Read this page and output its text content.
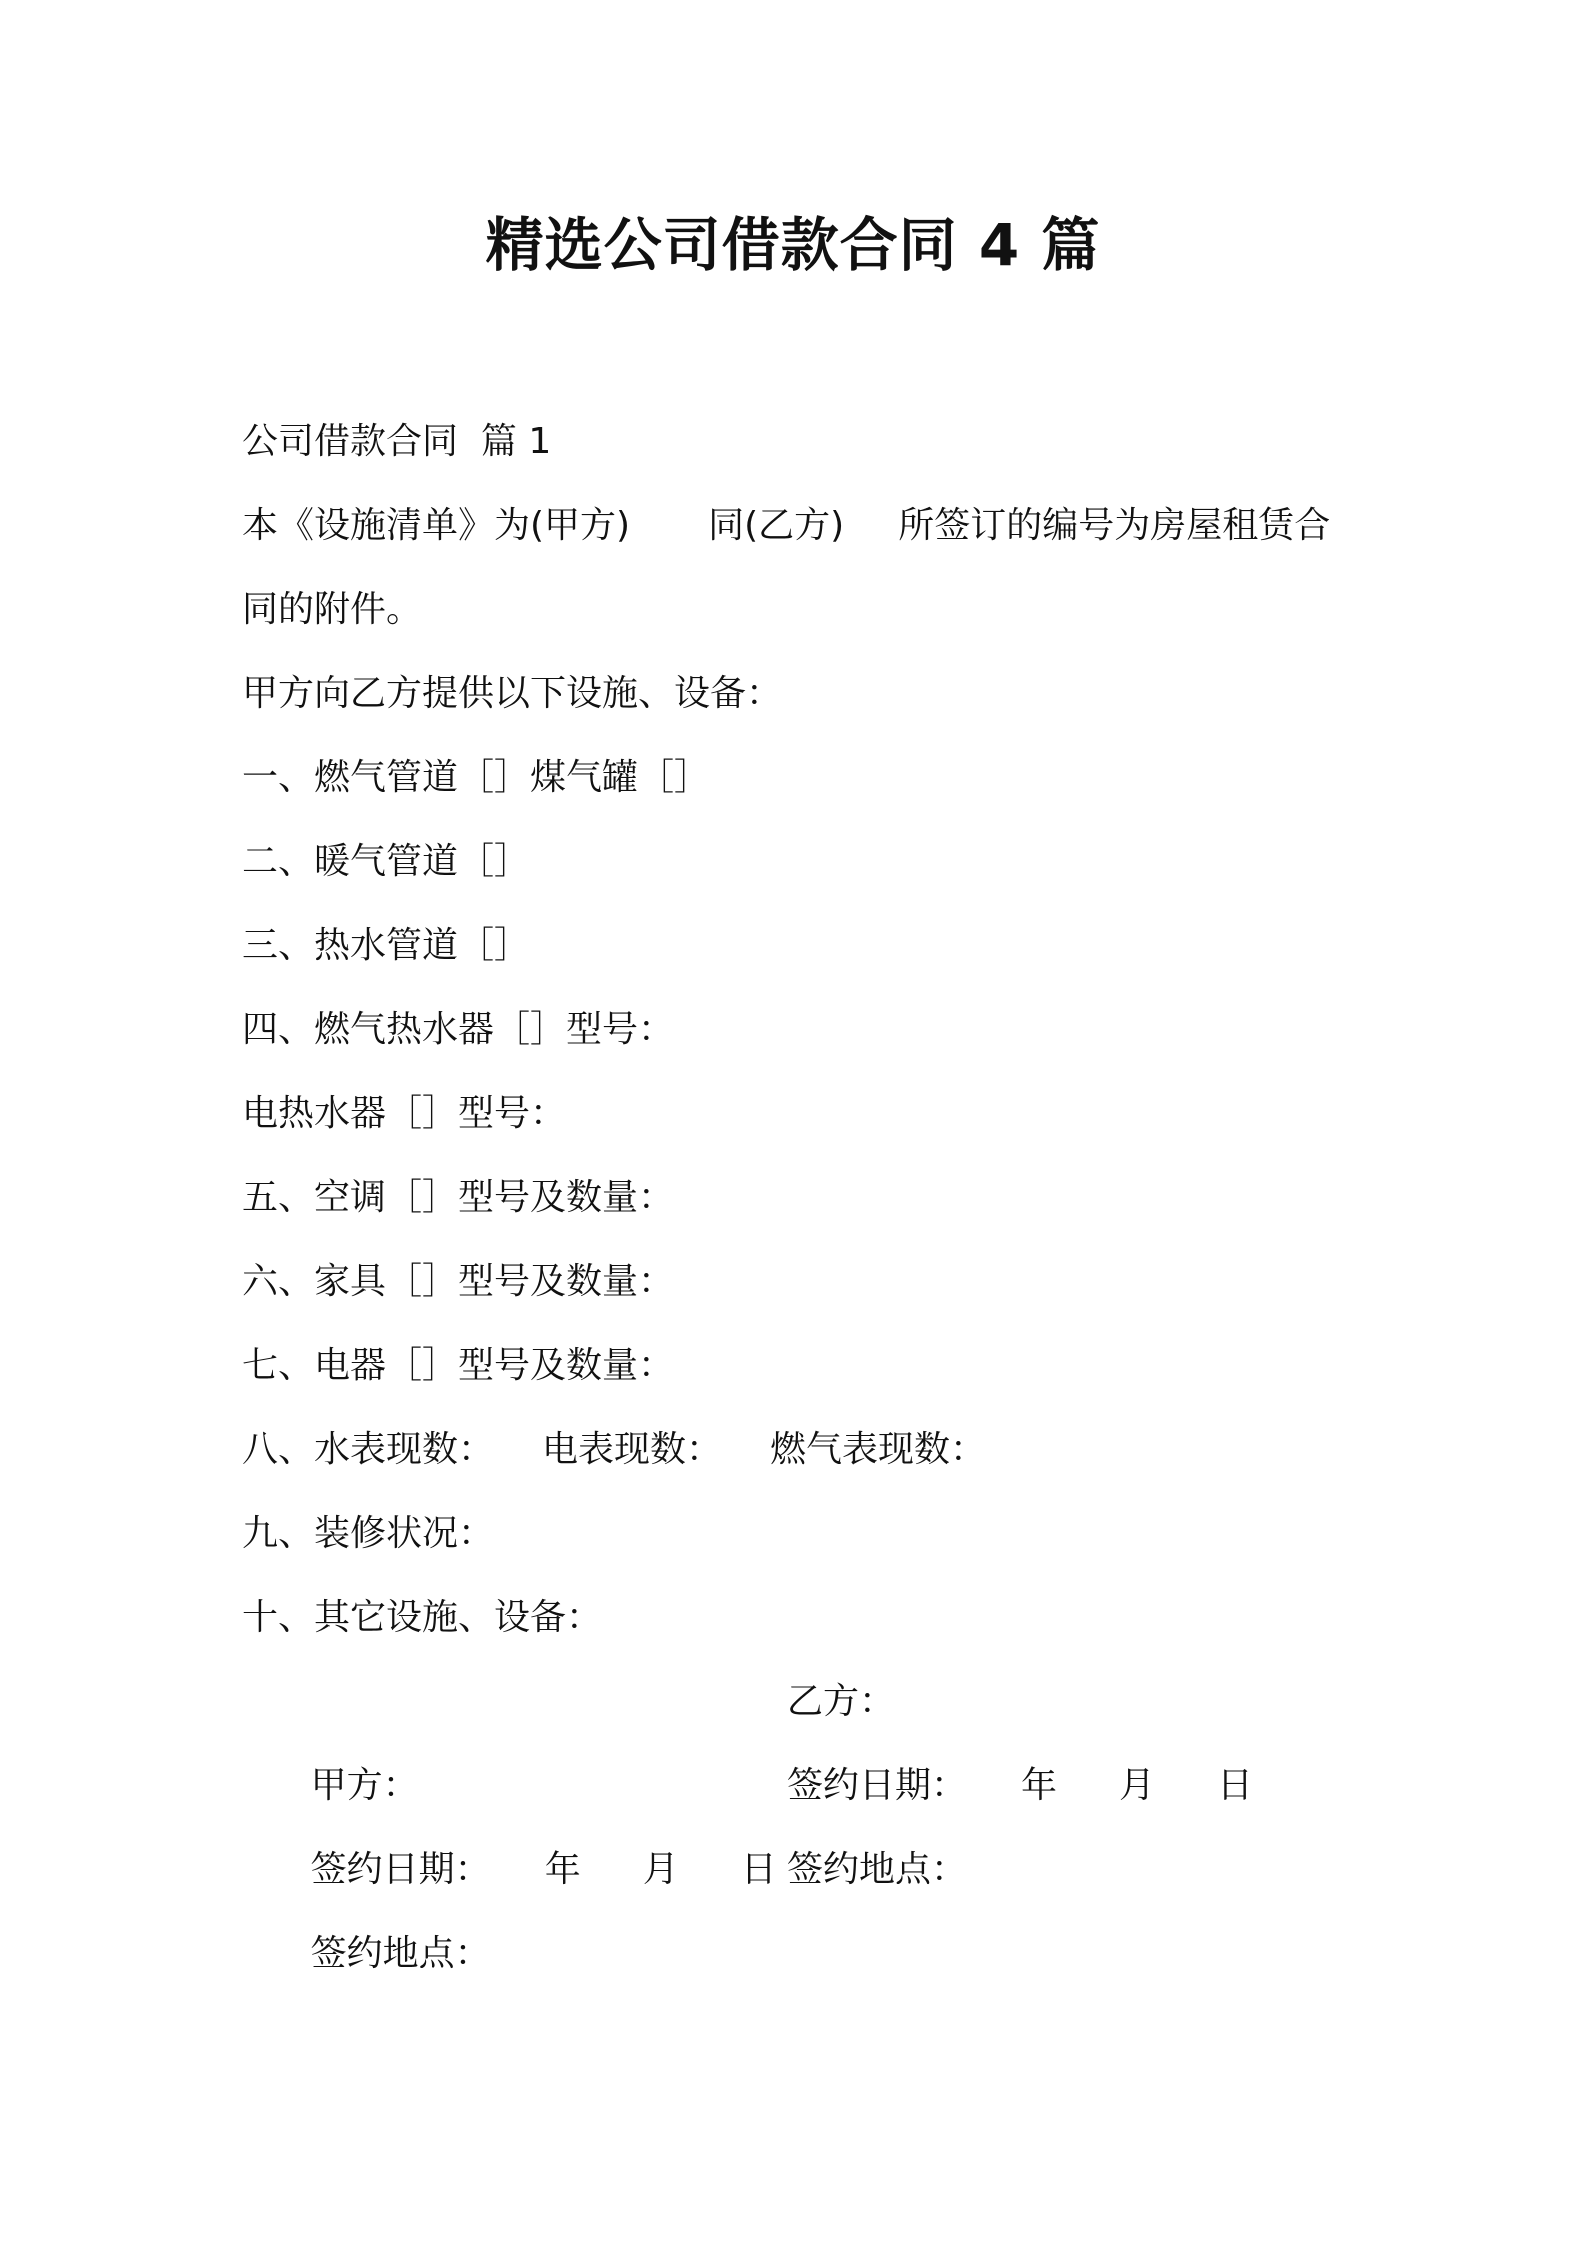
精选公司借款合同 4 篇
公司借款合同  篇 1
本《设施清单》为(甲方) 同(乙方) 所签订的编号为房屋租赁合
同的附件。
甲方向乙方提供以下设施、设备：
一、燃气管道［］煤气罐［］
二、暖气管道［］
三、热水管道［］
四、燃气热水器［］型号：
电热水器［］型号：
五、空调［］型号及数量：
六、家具［］型号及数量：
七、电器［］型号及数量：
八、水表现数： 电表现数： 燃气表现数：
九、装修状况：
十、其它设施、设备：

甲方：

乙方：

签约日期： 年 月 日

签约日期： 年 月 日

签约地点：

签约地点：
